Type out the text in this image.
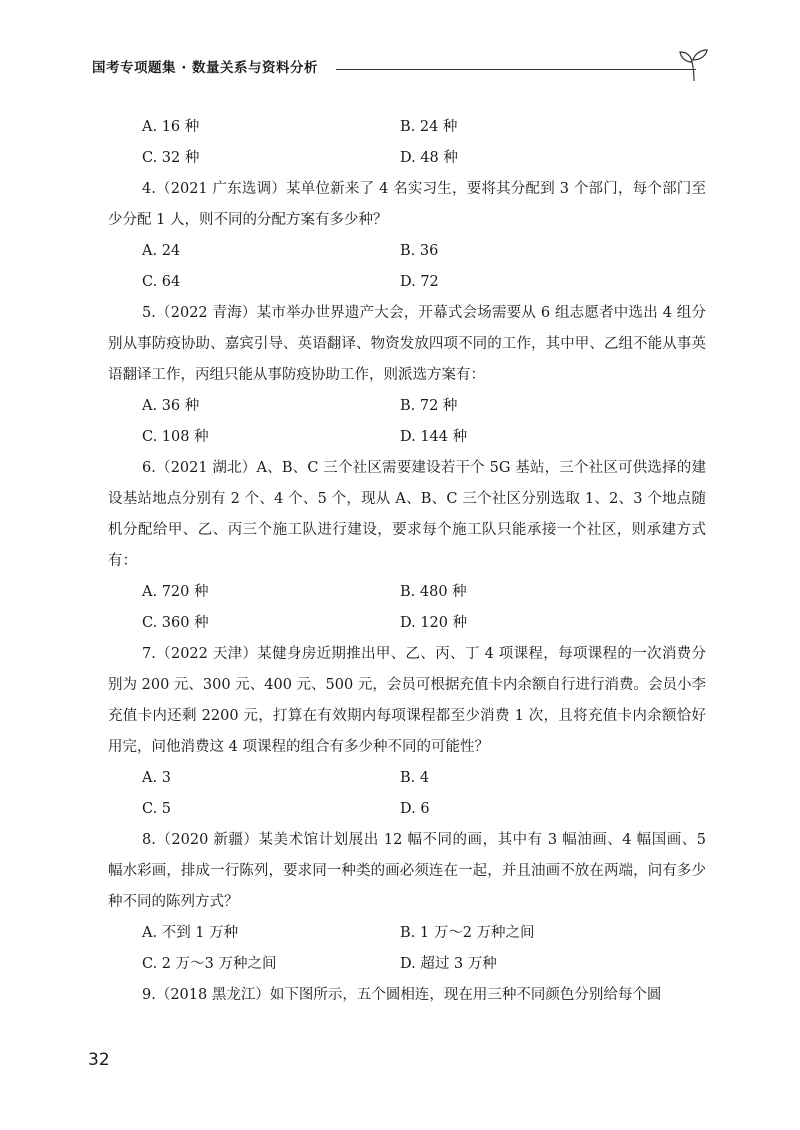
国考专项题集 · 数量关系与资料分析
A. 16 种	B. 24 种
C. 32 种	D. 48 种

4.（2021 广东选调）某单位新来了 4 名实习生，要将其分配到 3 个部门，每个部门至少分配 1 人，则不同的分配方案有多少种？

A. 24	B. 36
C. 64	D. 72

5.（2022 青海）某市举办世界遗产大会，开幕式会场需要从 6 组志愿者中选出 4 组分别从事防疫协助、嘉宾引导、英语翻译、物资发放四项不同的工作，其中甲、乙组不能从事英语翻译工作，丙组只能从事防疫协助工作，则派选方案有：

A. 36 种	B. 72 种
C. 108 种	D. 144 种

6.（2021 湖北）A、B、C 三个社区需要建设若干个 5G 基站，三个社区可供选择的建设基站地点分别有 2 个、4 个、5 个，现从 A、B、C 三个社区分别选取 1、2、3 个地点随机分配给甲、乙、丙三个施工队进行建设，要求每个施工队只能承接一个社区，则承建方式有：

A. 720 种	B. 480 种
C. 360 种	D. 120 种

7.（2022 天津）某健身房近期推出甲、乙、丙、丁 4 项课程，每项课程的一次消费分别为 200 元、300 元、400 元、500 元，会员可根据充值卡内余额自行进行消费。会员小李充值卡内还剩 2200 元，打算在有效期内每项课程都至少消费 1 次，且将充值卡内余额恰好用完，问他消费这 4 项课程的组合有多少种不同的可能性？

A. 3	B. 4
C. 5	D. 6

8.（2020 新疆）某美术馆计划展出 12 幅不同的画，其中有 3 幅油画、4 幅国画、5 幅水彩画，排成一行陈列，要求同一种类的画必须连在一起，并且油画不放在两端，问有多少种不同的陈列方式？

A. 不到 1 万种	B. 1 万～2 万种之间
C. 2 万～3 万种之间	D. 超过 3 万种

9.（2018 黑龙江）如下图所示，五个圆相连，现在用三种不同颜色分别给每个圆

32
